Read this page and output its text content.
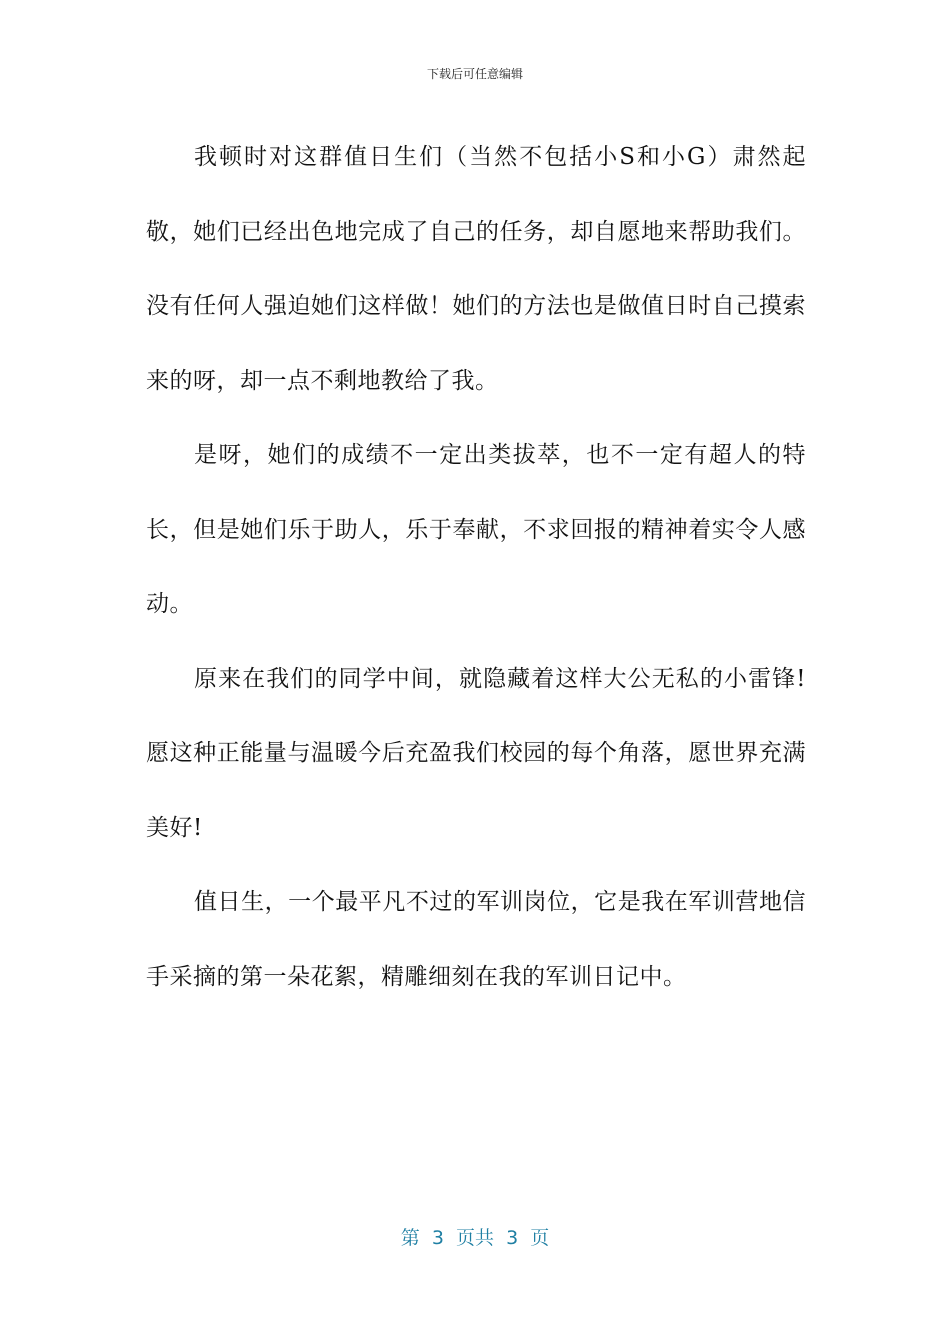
下载后可任意编辑

我顿时对这群值日生们（当然不包括小S和小G）肃然起敬，她们已经出色地完成了自己的任务，却自愿地来帮助我们。没有任何人强迫她们这样做！她们的方法也是做值日时自己摸索来的呀，却一点不剩地教给了我。

是呀，她们的成绩不一定出类拔萃，也不一定有超人的特长，但是她们乐于助人，乐于奉献，不求回报的精神着实令人感动。

原来在我们的同学中间，就隐藏着这样大公无私的小雷锋!愿这种正能量与温暖今后充盈我们校园的每个角落，愿世界充满美好!

值日生，一个最平凡不过的军训岗位，它是我在军训营地信手采摘的第一朵花絮，精雕细刻在我的军训日记中。

第  3  页共  3  页
